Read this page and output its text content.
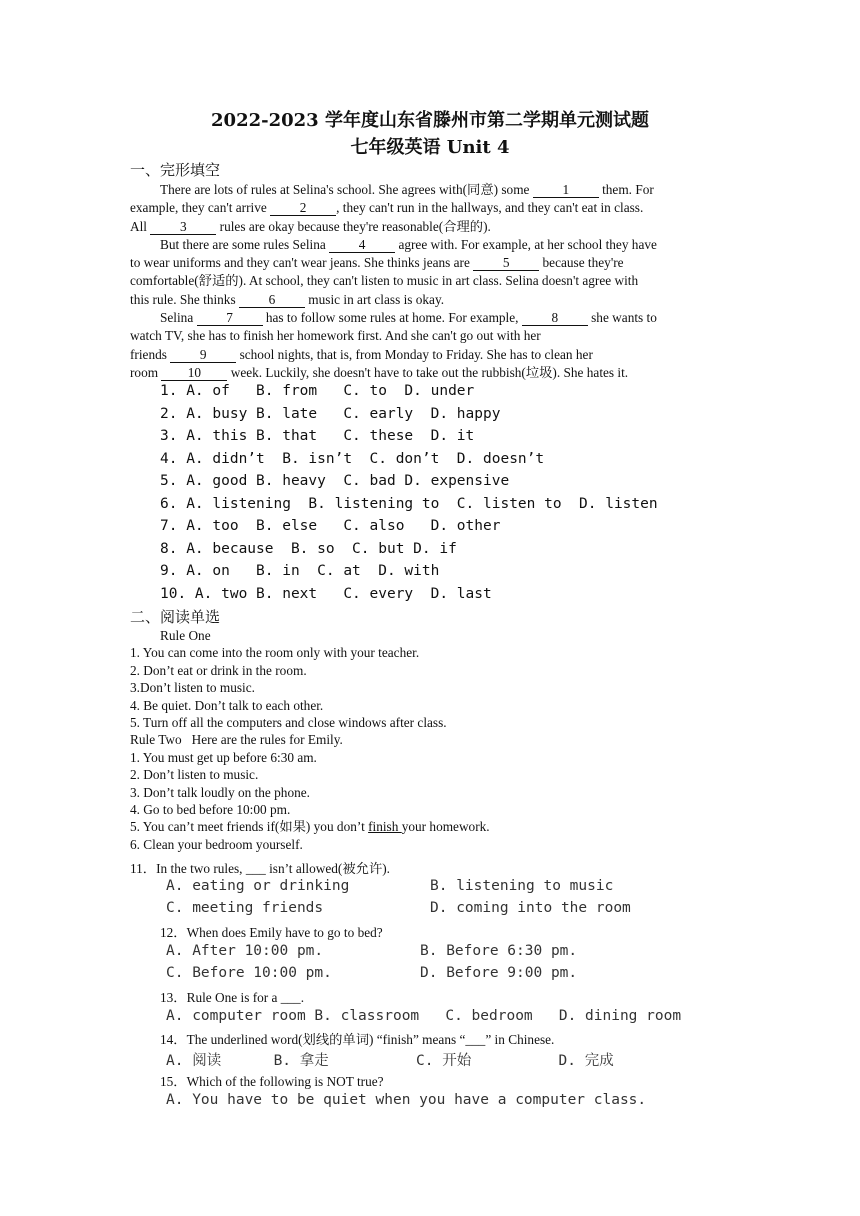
2022-2023 学年度山东省滕州市第二学期单元测试题
七年级英语 Unit 4
一、完形填空
There are lots of rules at Selina's school. She agrees with(同意) some 1 them. For
example, they can't arrive 2 , they can't run in the hallways, and they can't eat in class.
All 3 rules are okay because they're reasonable(合理的).
But there are some rules Selina 4 agree with. For example, at her school they have
to wear uniforms and they can't wear jeans. She thinks jeans are 5 because they're
comfortable(舒适的). At school, they can't listen to music in art class. Selina doesn't agree with
this rule. She thinks 6 music in art class is okay.
Selina 7 has to follow some rules at home. For example, 8 she wants to
watch TV, she has to finish her homework first. And she can't go out with her
friends 9 school nights, that is, from Monday to Friday. She has to clean her
room 10 week. Luckily, she doesn't have to take out the rubbish(垃圾). She hates it.
1. A. of   B. from   C. to  D. under
2. A. busy B. late   C. early  D. happy
3. A. this B. that   C. these  D. it
4. A. didn’t  B. isn’t  C. don’t  D. doesn’t
5. A. good B. heavy  C. bad D. expensive
6. A. listening  B. listening to  C. listen to  D. listen
7. A. too  B. else   C. also   D. other
8. A. because  B. so  C. but D. if
9. A. on   B. in  C. at  D. with
10. A. two B. next   C. every  D. last
二、阅读单选
Rule One
1. You can come into the room only with your teacher.
2. Don’t eat or drink in the room.
3.Don’t listen to music.
4. Be quiet. Don’t talk to each other.
5. Turn off all the computers and close windows after class.
Rule Two   Here are the rules for Emily.
1. You must get up before 6:30 am.
2. Don’t listen to music.
3. Don’t talk loudly on the phone.
4. Go to bed before 10:00 pm.
5. You can’t meet friends if(如果) you don’t finish your homework.
6. Clean your bedroom yourself.
11．In the two rules, ___ isn’t allowed(被允许).
A. eating or drinking	B. listening to music
C. meeting friends	D. coming into the room
12．When does Emily have to go to bed?
A. After 10:00 pm.	B. Before 6:30 pm.
C. Before 10:00 pm.	D. Before 9:00 pm.
13．Rule One is for a ___.
A. computer room B. classroom   C. bedroom   D. dining room
14．The underlined word(划线的单词) “finish” means “___” in Chinese.
A. 阅读      B. 拿走          C. 开始          D. 完成
15．Which of the following is NOT true?
A. You have to be quiet when you have a computer class.
